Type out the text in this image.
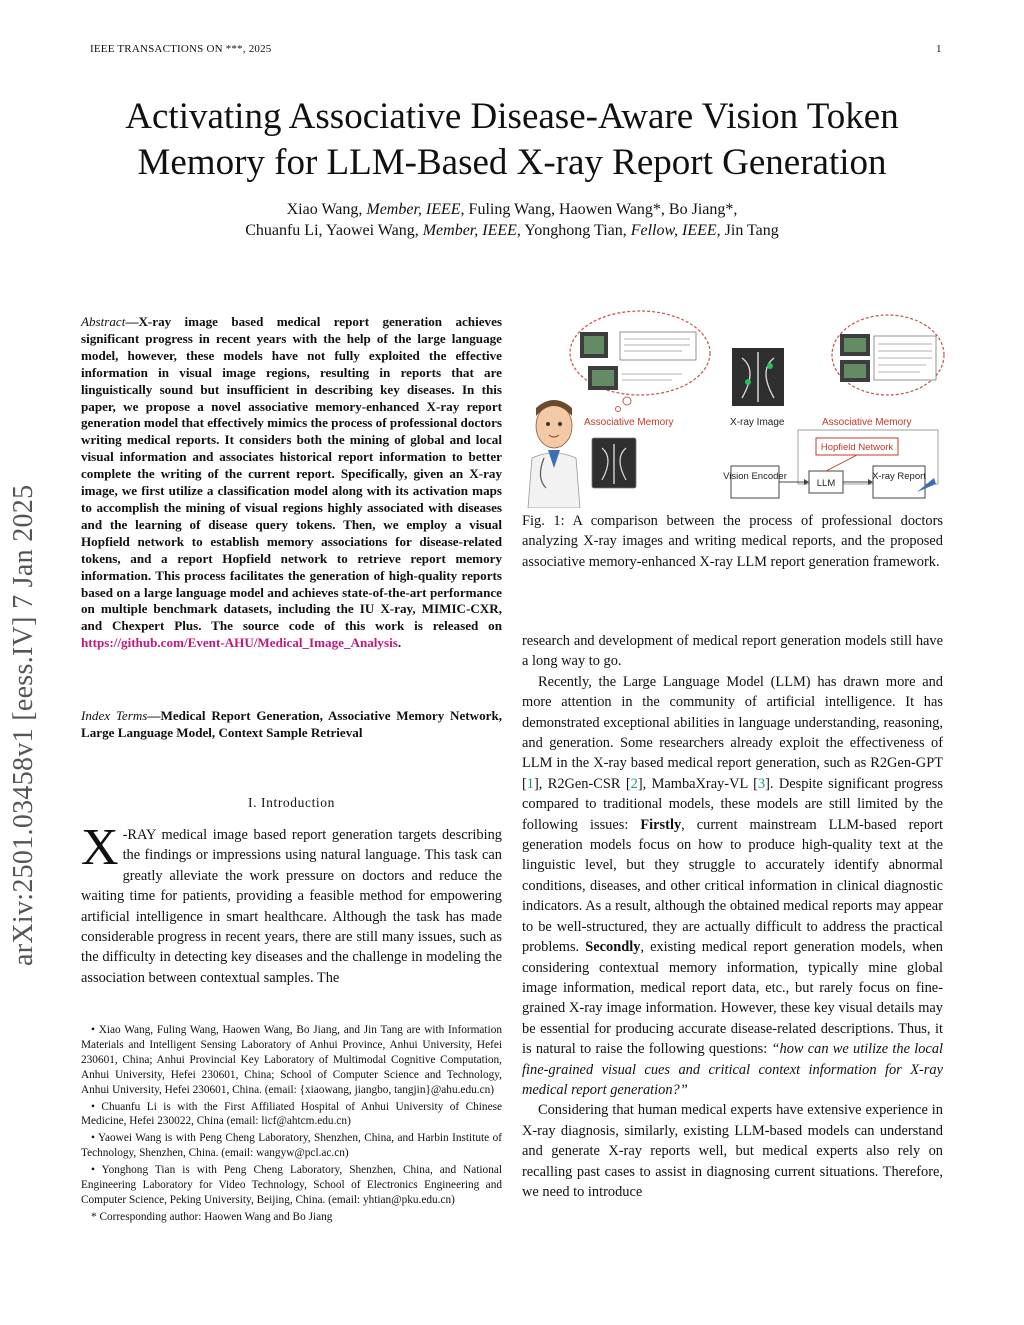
IEEE TRANSACTIONS ON ***, 2025	1
Activating Associative Disease-Aware Vision Token
Memory for LLM-Based X-ray Report Generation
Xiao Wang, Member, IEEE, Fuling Wang, Haowen Wang*, Bo Jiang*,
Chuanfu Li, Yaowei Wang, Member, IEEE, Yonghong Tian, Fellow, IEEE, Jin Tang
arXiv:2501.03458v1 [eess.IV] 7 Jan 2025
Abstract—X-ray image based medical report generation achieves significant progress in recent years with the help of the large language model, however, these models have not fully exploited the effective information in visual image regions, resulting in reports that are linguistically sound but insufficient in describing key diseases. In this paper, we propose a novel associative memory-enhanced X-ray report generation model that effectively mimics the process of professional doctors writing medical reports. It considers both the mining of global and local visual information and associates historical report information to better complete the writing of the current report. Specifically, given an X-ray image, we first utilize a classification model along with its activation maps to accomplish the mining of visual regions highly associated with diseases and the learning of disease query tokens. Then, we employ a visual Hopfield network to establish memory associations for disease-related tokens, and a report Hopfield network to retrieve report memory information. This process facilitates the generation of high-quality reports based on a large language model and achieves state-of-the-art performance on multiple benchmark datasets, including the IU X-ray, MIMIC-CXR, and Chexpert Plus. The source code of this work is released on https://github.com/Event-AHU/Medical_Image_Analysis.
Index Terms—Medical Report Generation, Associative Memory Network, Large Language Model, Context Sample Retrieval
I. Introduction
X -RAY medical image based report generation targets describing the findings or impressions using natural language. This task can greatly alleviate the work pressure on doctors and reduce the waiting time for patients, providing a feasible method for empowering artificial intelligence in smart healthcare. Although the task has made considerable progress in recent years, there are still many issues, such as the difficulty in detecting key diseases and the challenge in modeling the association between contextual samples. The

• Xiao Wang, Fuling Wang, Haowen Wang, Bo Jiang, and Jin Tang are with Information Materials and Intelligent Sensing Laboratory of Anhui Province, Anhui University, Hefei 230601, China; Anhui Provincial Key Laboratory of Multimodal Cognitive Computation, Anhui University, Hefei 230601, China; School of Computer Science and Technology, Anhui University, Hefei 230601, China. (email: {xiaowang, jiangbo, tangjin}@ahu.edu.cn)

• Chuanfu Li is with the First Affiliated Hospital of Anhui University of Chinese Medicine, Hefei 230022, China (email: licf@ahtcm.edu.cn)

• Yaowei Wang is with Peng Cheng Laboratory, Shenzhen, China, and Harbin Institute of Technology, Shenzhen, China. (email: wangyw@pcl.ac.cn)

• Yonghong Tian is with Peng Cheng Laboratory, Shenzhen, China, and National Engineering Laboratory for Video Technology, School of Electronics Engineering and Computer Science, Peking University, Beijing, China. (email: yhtian@pku.edu.cn)

* Corresponding author: Haowen Wang and Bo Jiang

Associative Memory	X-ray Image	Associative Memory
Hopfield Network
Vision Encoder
LLM
X-ray Report
Fig. 1: A comparison between the process of professional doctors analyzing X-ray images and writing medical reports, and the proposed associative memory-enhanced X-ray LLM report generation framework.

research and development of medical report generation models still have a long way to go.

Recently, the Large Language Model (LLM) has drawn more and more attention in the community of artificial intelligence. It has demonstrated exceptional abilities in language understanding, reasoning, and generation. Some researchers already exploit the effectiveness of LLM in the X-ray based medical report generation, such as R2Gen-GPT [1], R2Gen-CSR [2], MambaXray-VL [3]. Despite significant progress compared to traditional models, these models are still limited by the following issues: Firstly, current mainstream LLM-based report generation models focus on how to produce high-quality text at the linguistic level, but they struggle to accurately identify abnormal conditions, diseases, and other critical information in clinical diagnostic indicators. As a result, although the obtained medical reports may appear to be well-structured, they are actually difficult to address the practical problems. Secondly, existing medical report generation models, when considering contextual memory information, typically mine global image information, medical report data, etc., but rarely focus on fine-grained X-ray image information. However, these key visual details may be essential for producing accurate disease-related descriptions. Thus, it is natural to raise the following questions: “how can we utilize the local fine-grained visual cues and critical context information for X-ray medical report generation?”

Considering that human medical experts have extensive experience in X-ray diagnosis, similarly, existing LLM-based models can understand and generate X-ray reports well, but medical experts also rely on recalling past cases to assist in diagnosing current situations. Therefore, we need to introduce
